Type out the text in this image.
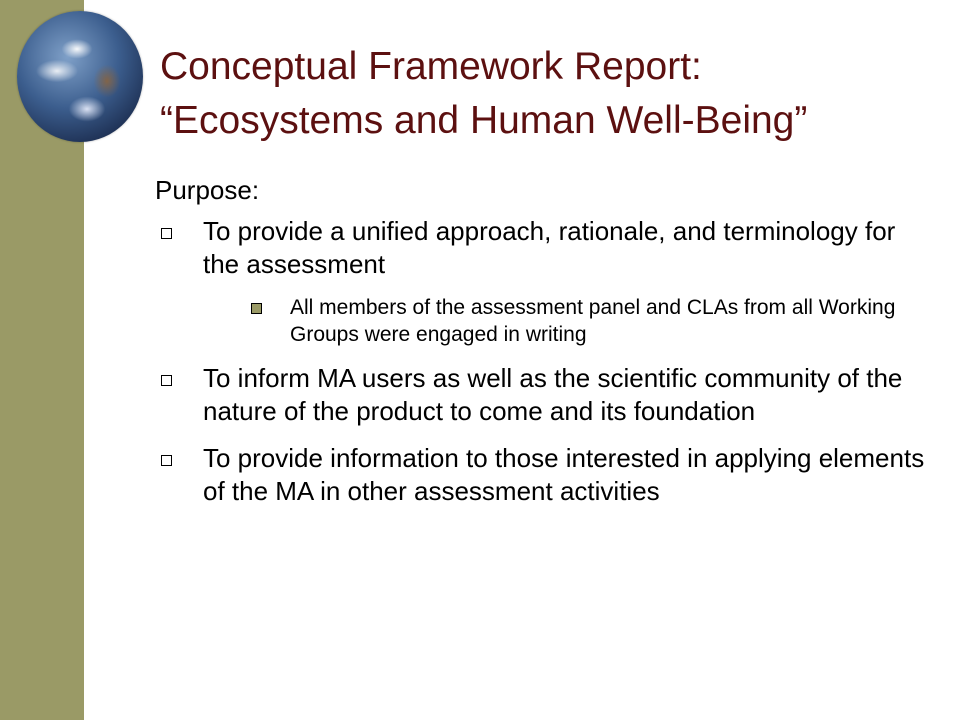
Conceptual Framework Report:
“Ecosystems and Human Well-Being”
Purpose:
To provide a unified approach, rationale, and terminology for the assessment
All members of the assessment panel and CLAs from all Working Groups were engaged in writing
To inform MA users as well as the scientific community of the nature of the product to come and its foundation
To provide information to those interested in applying elements of the MA in other assessment activities
